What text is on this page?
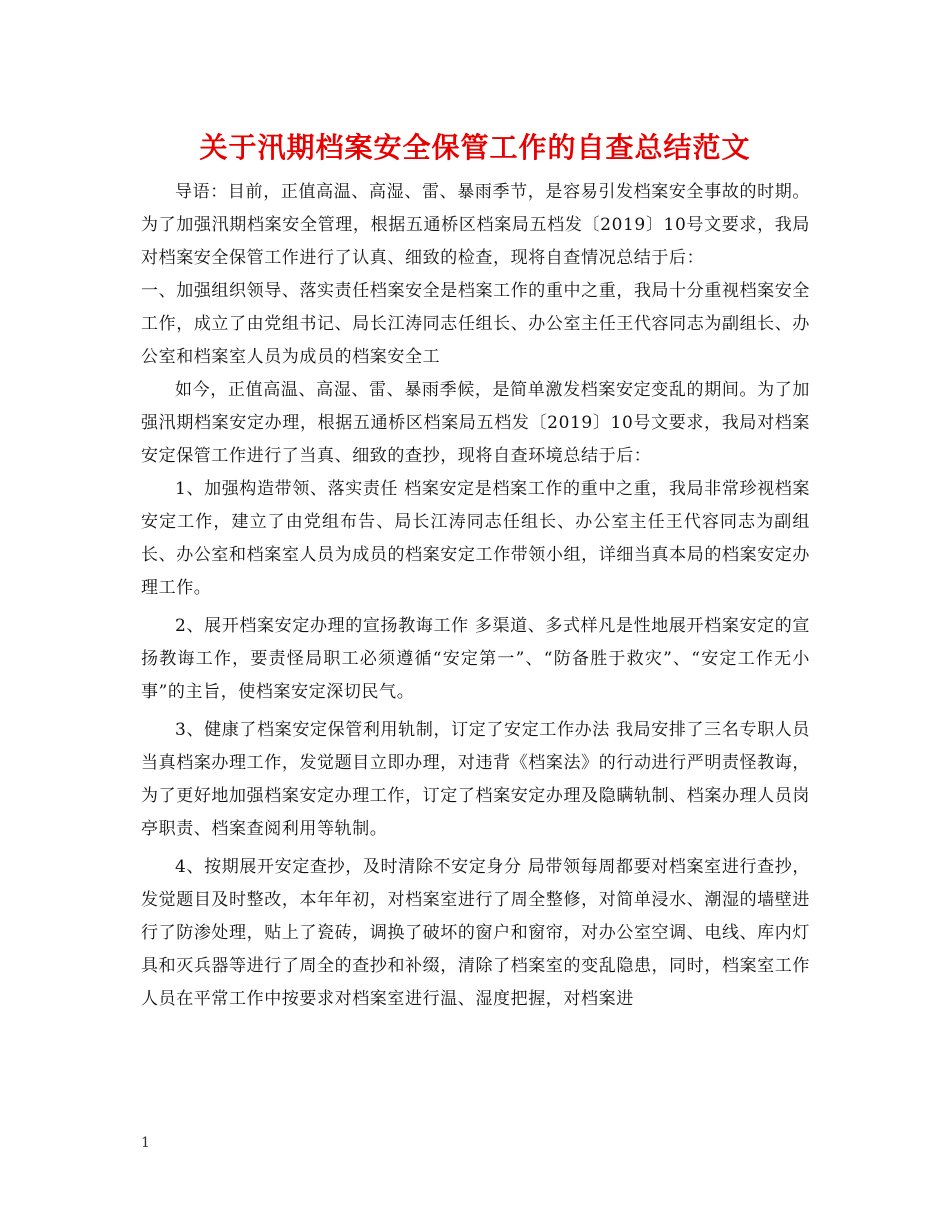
关于汛期档案安全保管工作的自查总结范文

导语：目前，正值高温、高湿、雷、暴雨季节，是容易引发档案安全事故的时期。为了加强汛期档案安全管理，根据五通桥区档案局五档发〔2019〕10号文要求，我局对档案安全保管工作进行了认真、细致的检查，现将自查情况总结于后：

一、加强组织领导、落实责任档案安全是档案工作的重中之重，我局十分重视档案安全工作，成立了由党组书记、局长江涛同志任组长、办公室主任王代容同志为副组长、办公室和档案室人员为成员的档案安全工

如今，正值高温、高湿、雷、暴雨季候，是简单激发档案安定变乱的期间。为了加强汛期档案安定办理，根据五通桥区档案局五档发〔2019〕10号文要求，我局对档案安定保管工作进行了当真、细致的查抄，现将自查环境总结于后：

1、加强构造带领、落实责任 档案安定是档案工作的重中之重，我局非常珍视档案安定工作，建立了由党组布告、局长江涛同志任组长、办公室主任王代容同志为副组长、办公室和档案室人员为成员的档案安定工作带领小组，详细当真本局的档案安定办理工作。

2、展开档案安定办理的宣扬教诲工作 多渠道、多式样凡是性地展开档案安定的宣扬教诲工作，要责怪局职工必须遵循“安定第一”、“防备胜于救灾”、“安定工作无小事”的主旨，使档案安定深切民气。

3、健康了档案安定保管利用轨制，订定了安定工作办法 我局安排了三名专职人员当真档案办理工作，发觉题目立即办理，对违背《档案法》的行动进行严明责怪教诲，为了更好地加强档案安定办理工作，订定了档案安定办理及隐瞒轨制、档案办理人员岗亭职责、档案查阅利用等轨制。

4、按期展开安定查抄，及时清除不安定身分 局带领每周都要对档案室进行查抄，发觉题目及时整改，本年年初，对档案室进行了周全整修，对简单浸水、潮湿的墙壁进行了防渗处理，贴上了瓷砖，调换了破坏的窗户和窗帘，对办公室空调、电线、库内灯具和灭兵器等进行了周全的查抄和补缀，清除了档案室的变乱隐患，同时，档案室工作人员在平常工作中按要求对档案室进行温、湿度把握，对档案进

1
